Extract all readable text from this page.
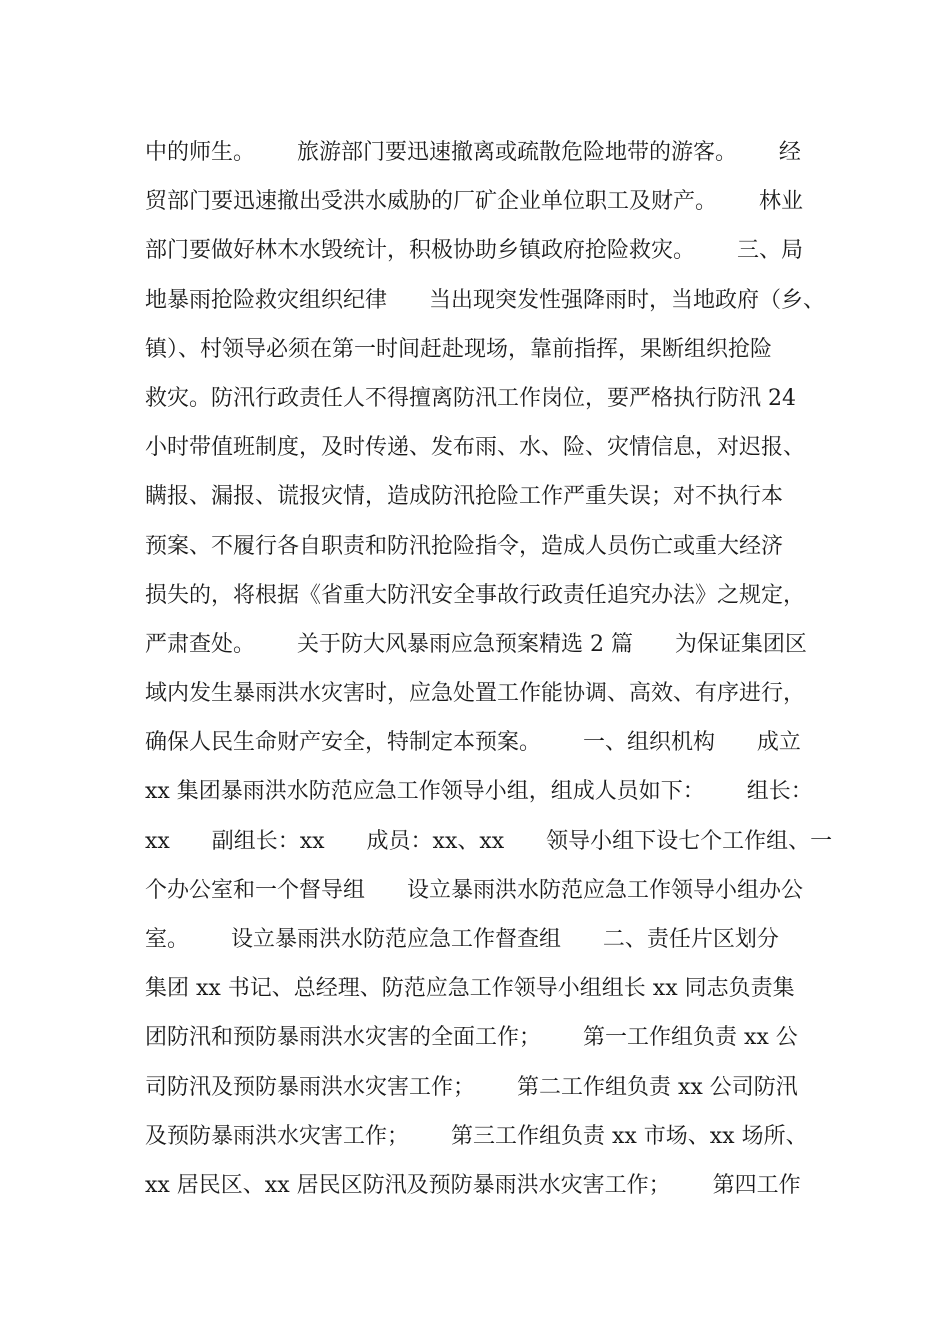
中的师生。      旅游部门要迅速撤离或疏散危险地带的游客。      经
贸部门要迅速撤出受洪水威胁的厂矿企业单位职工及财产。      林业
部门要做好林木水毁统计，积极协助乡镇政府抢险救灾。      三、局
地暴雨抢险救灾组织纪律      当出现突发性强降雨时，当地政府（乡、
镇）、村领导必须在第一时间赶赴现场，靠前指挥，果断组织抢险
救灾。防汛行政责任人不得擅离防汛工作岗位，要严格执行防汛 24
小时带值班制度，及时传递、发布雨、水、险、灾情信息，对迟报、
瞒报、漏报、谎报灾情，造成防汛抢险工作严重失误；对不执行本
预案、不履行各自职责和防汛抢险指令，造成人员伤亡或重大经济
损失的，将根据《省重大防汛安全事故行政责任追究办法》之规定，
严肃查处。      关于防大风暴雨应急预案精选 2 篇      为保证集团区
域内发生暴雨洪水灾害时，应急处置工作能协调、高效、有序进行，
确保人民生命财产安全，特制定本预案。      一、组织机构      成立
xx 集团暴雨洪水防范应急工作领导小组，组成人员如下：      组长：
xx      副组长：xx      成员：xx、xx      领导小组下设七个工作组、一
个办公室和一个督导组      设立暴雨洪水防范应急工作领导小组办公
室。      设立暴雨洪水防范应急工作督查组      二、责任片区划分
集团 xx 书记、总经理、防范应急工作领导小组组长 xx 同志负责集
团防汛和预防暴雨洪水灾害的全面工作；      第一工作组负责 xx 公
司防汛及预防暴雨洪水灾害工作；      第二工作组负责 xx 公司防汛
及预防暴雨洪水灾害工作；      第三工作组负责 xx 市场、xx 场所、
xx 居民区、xx 居民区防汛及预防暴雨洪水灾害工作；      第四工作
